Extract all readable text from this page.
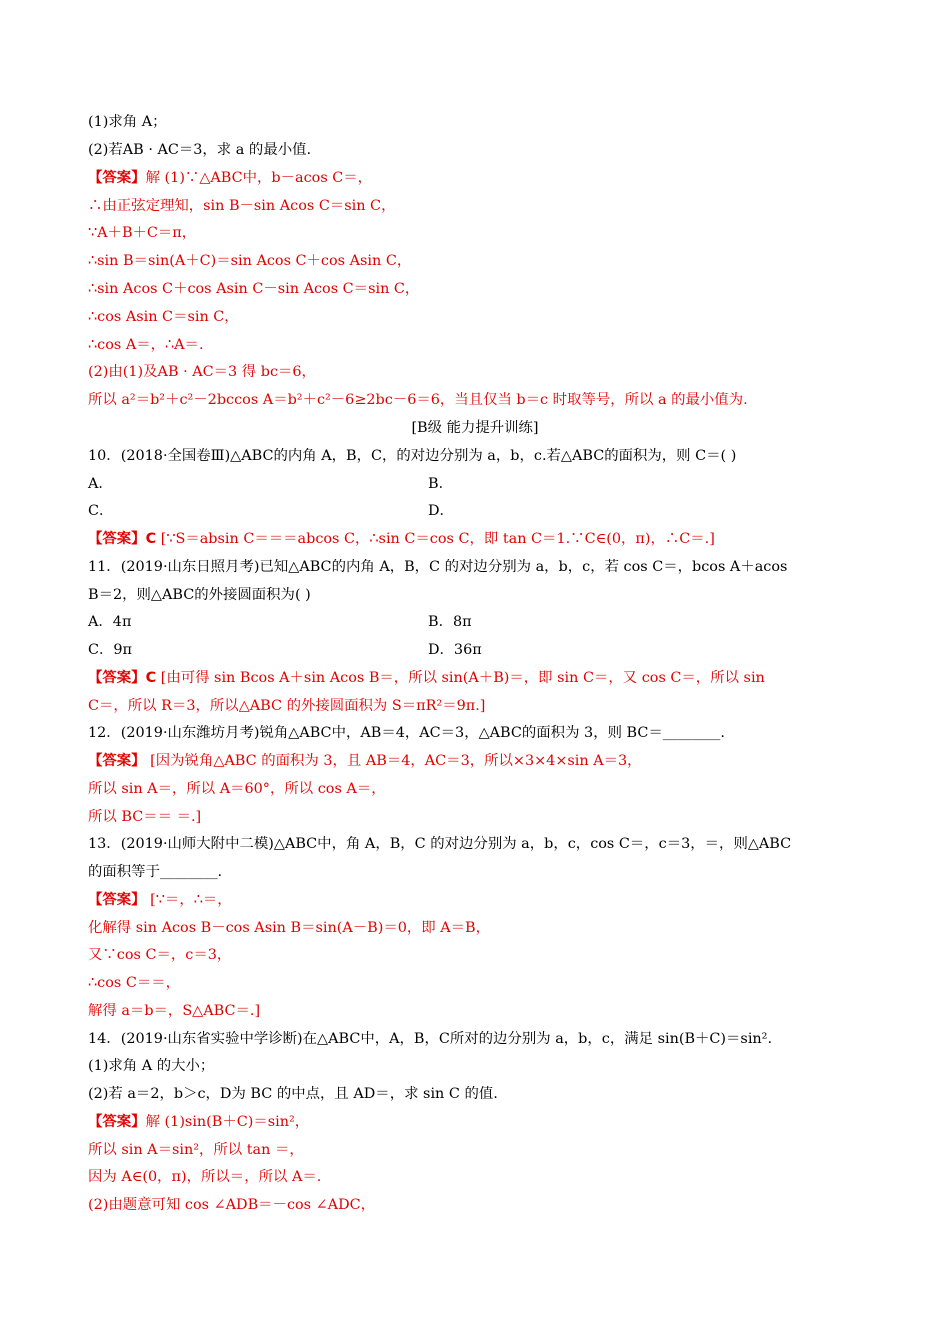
(1)求角 A；
(2)若AB · AC＝3，求 a 的最小值.
【答案】解 (1)∵△ABC中，b－acos C＝，
∴由正弦定理知，sin B－sin Acos C＝sin C，
∵A＋B＋C＝π，
∴sin B＝sin(A＋C)＝sin Acos C＋cos Asin C，
∴sin Acos C＋cos Asin C－sin Acos C＝sin C，
∴cos Asin C＝sin C，
∴cos A＝，∴A＝.
(2)由(1)及AB · AC＝3 得 bc＝6，
所以 a²＝b²＋c²－2bccos A＝b²＋c²－6≥2bc－6＝6，当且仅当 b＝c 时取等号，所以 a 的最小值为.
[B级 能力提升训练]
10．(2018·全国卷Ⅲ)△ABC的内角 A，B，C，的对边分别为 a，b，c.若△ABC的面积为，则 C＝( )
A．	B．
C．	D．
【答案】C [∵S＝absin C＝＝＝abcos C，∴sin C＝cos C，即 tan C＝1.∵C∈(0，π)，∴C＝.]
11．(2019·山东日照月考)已知△ABC的内角 A，B，C 的对边分别为 a，b，c，若 cos C＝，bcos A＋acos
B＝2，则△ABC的外接圆面积为( )
A．4π	B．8π
C．9π	D．36π
【答案】C [由可得 sin Bcos A＋sin Acos B＝，所以 sin(A＋B)＝，即 sin C＝，又 cos C＝，所以 sin
C＝，所以 R＝3，所以△ABC 的外接圆面积为 S＝πR²＝9π.]
12．(2019·山东潍坊月考)锐角△ABC中，AB＝4，AC＝3，△ABC的面积为 3，则 BC＝________.
【答案】 [因为锐角△ABC 的面积为 3，且 AB＝4，AC＝3，所以×3×4×sin A＝3，
所以 sin A＝，所以 A＝60°，所以 cos A＝，
所以 BC＝＝ ＝.]
13．(2019·山师大附中二模)△ABC中，角 A，B，C 的对边分别为 a，b，c，cos C＝，c＝3，＝，则△ABC
的面积等于________.
【答案】 [∵＝，∴＝，
化解得 sin Acos B－cos Asin B＝sin(A－B)＝0，即 A＝B，
又∵cos C＝，c＝3，
∴cos C＝＝，
解得 a＝b＝，S△ABC＝.]
14．(2019·山东省实验中学诊断)在△ABC中，A，B，C所对的边分别为 a，b，c，满足 sin(B＋C)＝sin².
(1)求角 A 的大小；
(2)若 a＝2，b＞c，D为 BC 的中点，且 AD＝，求 sin C 的值.
【答案】解 (1)sin(B＋C)＝sin²，
所以 sin A＝sin²，所以 tan ＝，
因为 A∈(0，π)，所以＝，所以 A＝.
(2)由题意可知 cos ∠ADB＝－cos ∠ADC，
